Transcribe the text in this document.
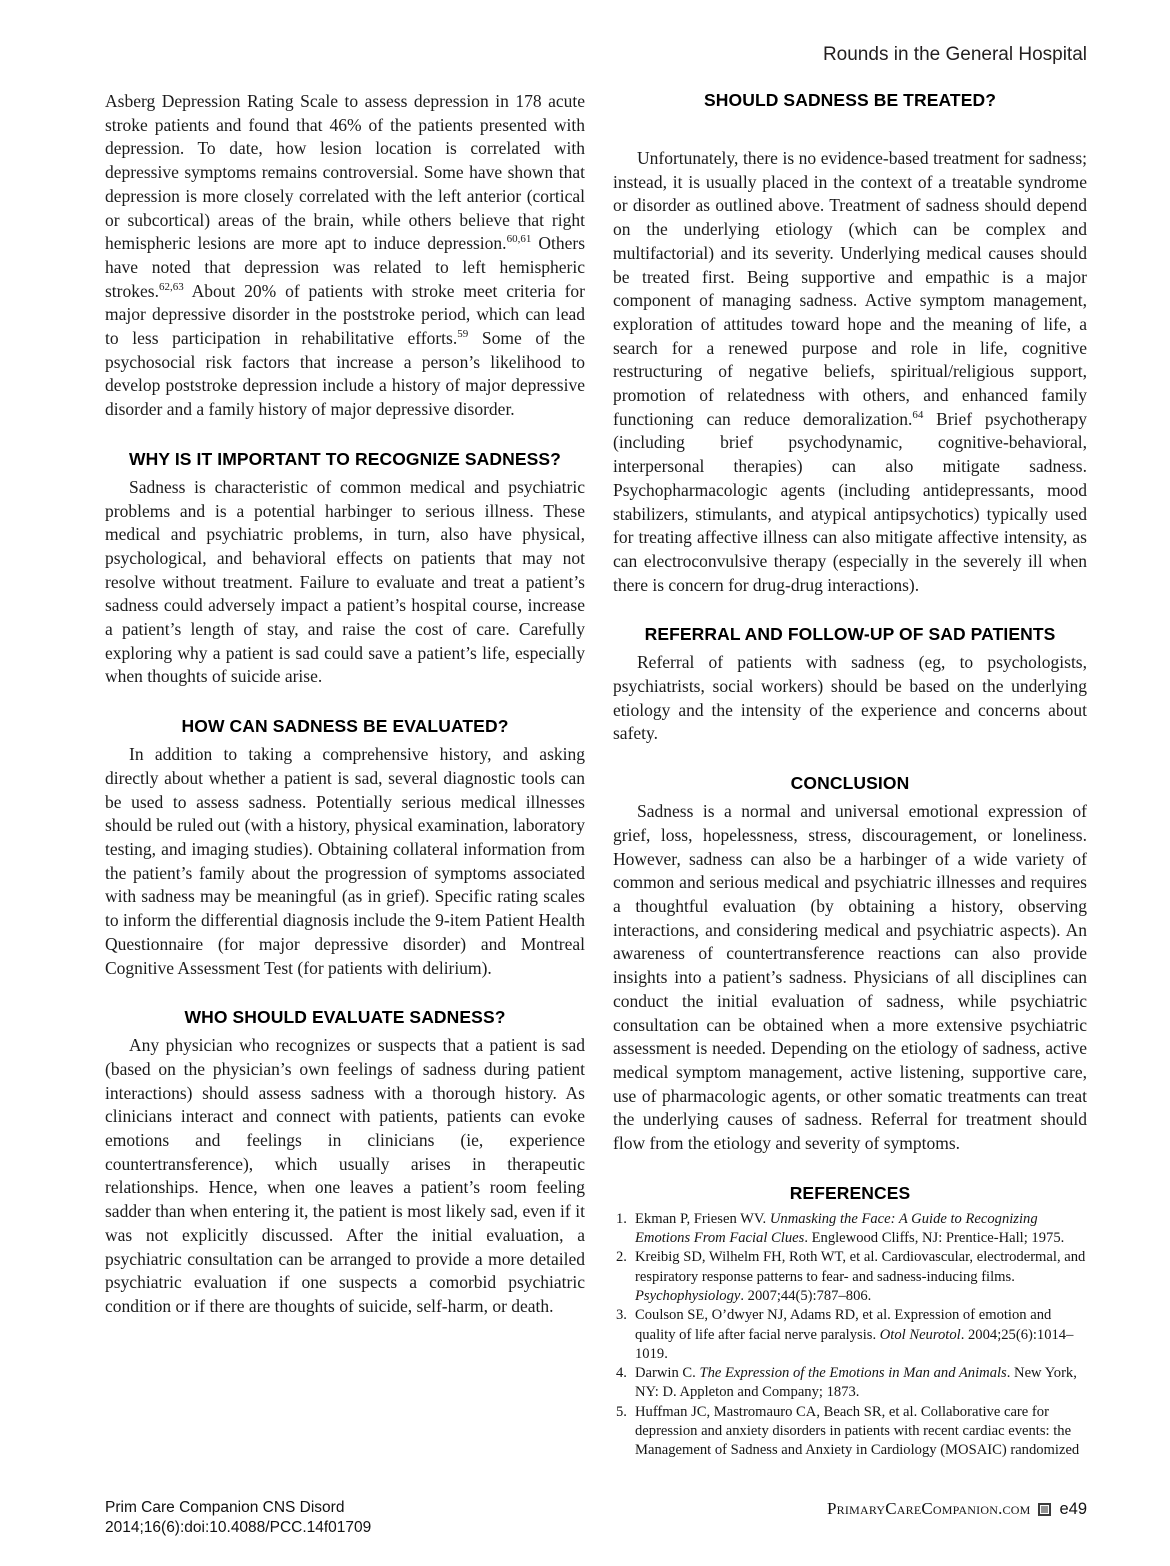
Rounds in the General Hospital

Asberg Depression Rating Scale to assess depression in 178 acute stroke patients and found that 46% of the patients presented with depression. To date, how lesion location is correlated with depressive symptoms remains controversial. Some have shown that depression is more closely correlated with the left anterior (cortical or subcortical) areas of the brain, while others believe that right hemispheric lesions are more apt to induce depression.$^{60,61}$ Others have noted that depression was related to left hemispheric strokes.$^{62,63}$ About 20% of patients with stroke meet criteria for major depressive disorder in the poststroke period, which can lead to less participation in rehabilitative efforts.$^{59}$ Some of the psychosocial risk factors that increase a person’s likelihood to develop poststroke depression include a history of major depressive disorder and a family history of major depressive disorder.

WHY IS IT IMPORTANT TO RECOGNIZE SADNESS?

Sadness is characteristic of common medical and psychiatric problems and is a potential harbinger to serious illness. These medical and psychiatric problems, in turn, also have physical, psychological, and behavioral effects on patients that may not resolve without treatment. Failure to evaluate and treat a patient’s sadness could adversely impact a patient’s hospital course, increase a patient’s length of stay, and raise the cost of care. Carefully exploring why a patient is sad could save a patient’s life, especially when thoughts of suicide arise.

HOW CAN SADNESS BE EVALUATED?

In addition to taking a comprehensive history, and asking directly about whether a patient is sad, several diagnostic tools can be used to assess sadness. Potentially serious medical illnesses should be ruled out (with a history, physical examination, laboratory testing, and imaging studies). Obtaining collateral information from the patient’s family about the progression of symptoms associated with sadness may be meaningful (as in grief). Specific rating scales to inform the differential diagnosis include the 9-item Patient Health Questionnaire (for major depressive disorder) and Montreal Cognitive Assessment Test (for patients with delirium).

WHO SHOULD EVALUATE SADNESS?

Any physician who recognizes or suspects that a patient is sad (based on the physician’s own feelings of sadness during patient interactions) should assess sadness with a thorough history. As clinicians interact and connect with patients, patients can evoke emotions and feelings in clinicians (ie, experience countertransference), which usually arises in therapeutic relationships. Hence, when one leaves a patient’s room feeling sadder than when entering it, the patient is most likely sad, even if it was not explicitly discussed. After the initial evaluation, a psychiatric consultation can be arranged to provide a more detailed psychiatric evaluation if one suspects a comorbid psychiatric condition or if there are thoughts of suicide, self-harm, or death.

SHOULD SADNESS BE TREATED?

Unfortunately, there is no evidence-based treatment for sadness; instead, it is usually placed in the context of a treatable syndrome or disorder as outlined above. Treatment of sadness should depend on the underlying etiology (which can be complex and multifactorial) and its severity. Underlying medical causes should be treated first. Being supportive and empathic is a major component of managing sadness. Active symptom management, exploration of attitudes toward hope and the meaning of life, a search for a renewed purpose and role in life, cognitive restructuring of negative beliefs, spiritual/religious support, promotion of relatedness with others, and enhanced family functioning can reduce demoralization.$^{64}$ Brief psychotherapy (including brief psychodynamic, cognitive-behavioral, interpersonal therapies) can also mitigate sadness. Psychopharmacologic agents (including antidepressants, mood stabilizers, stimulants, and atypical antipsychotics) typically used for treating affective illness can also mitigate affective intensity, as can electroconvulsive therapy (especially in the severely ill when there is concern for drug-drug interactions).

REFERRAL AND FOLLOW-UP OF SAD PATIENTS

Referral of patients with sadness (eg, to psychologists, psychiatrists, social workers) should be based on the underlying etiology and the intensity of the experience and concerns about safety.

CONCLUSION

Sadness is a normal and universal emotional expression of grief, loss, hopelessness, stress, discouragement, or loneliness. However, sadness can also be a harbinger of a wide variety of common and serious medical and psychiatric illnesses and requires a thoughtful evaluation (by obtaining a history, observing interactions, and considering medical and psychiatric aspects). An awareness of countertransference reactions can also provide insights into a patient’s sadness. Physicians of all disciplines can conduct the initial evaluation of sadness, while psychiatric consultation can be obtained when a more extensive psychiatric assessment is needed. Depending on the etiology of sadness, active medical symptom management, active listening, supportive care, use of pharmacologic agents, or other somatic treatments can treat the underlying causes of sadness. Referral for treatment should flow from the etiology and severity of symptoms.

REFERENCES
1. Ekman P, Friesen WV. Unmasking the Face: A Guide to Recognizing Emotions From Facial Clues. Englewood Cliffs, NJ: Prentice-Hall; 1975.
2. Kreibig SD, Wilhelm FH, Roth WT, et al. Cardiovascular, electrodermal, and respiratory response patterns to fear- and sadness-inducing films. Psychophysiology. 2007;44(5):787–806.
3. Coulson SE, O’dwyer NJ, Adams RD, et al. Expression of emotion and quality of life after facial nerve paralysis. Otol Neurotol. 2004;25(6):1014–1019.
4. Darwin C. The Expression of the Emotions in Man and Animals. New York, NY: D. Appleton and Company; 1873.
5. Huffman JC, Mastromauro CA, Beach SR, et al. Collaborative care for depression and anxiety disorders in patients with recent cardiac events: the Management of Sadness and Anxiety in Cardiology (MOSAIC) randomized
Prim Care Companion CNS Disord
2014;16(6):doi:10.4088/PCC.14f01709
PrimaryCareCompanion.com e49
